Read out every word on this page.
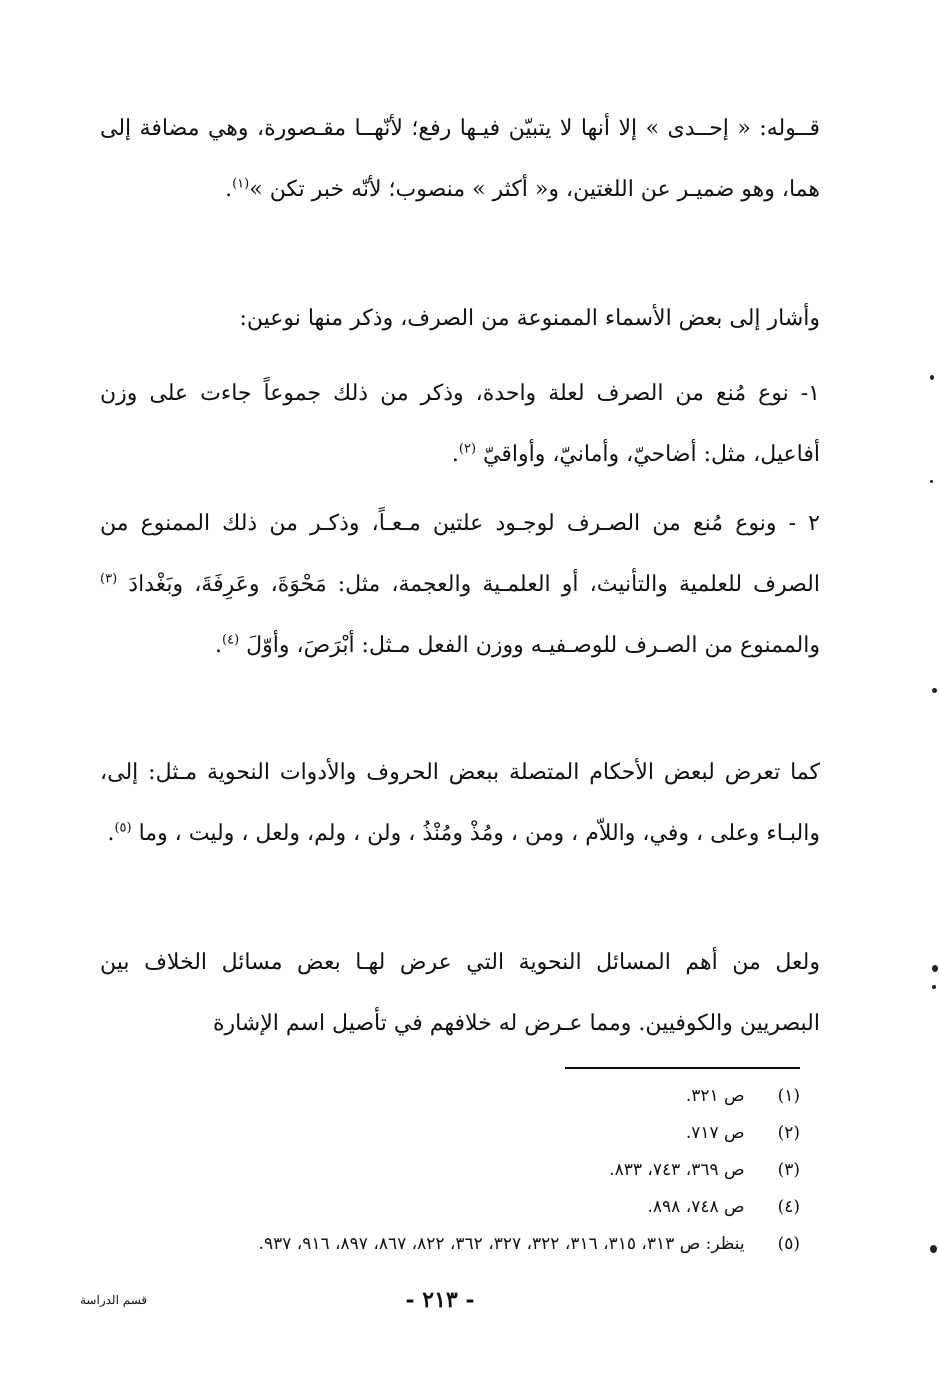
قــوله: « إحــدى » إلا أنها لا يتبيّن فيـها رفع؛ لأنّهــا مقـصورة، وهي مضافة إلى هما، وهو ضميـر عن اللغتين، و« أكثر » منصوب؛ لأنّه خبر تكن »$^{(١)}$.

وأشار إلى بعض الأسماء الممنوعة من الصرف، وذكر منها نوعين:

١- نوع مُنع من الصرف لعلة واحدة، وذكر من ذلك جموعاً جاءت على وزن أفاعيل، مثل: أضاحيّ، وأمانيّ، وأواقيّ $^{(٢)}$.

٢ - ونوع مُنع من الصـرف لوجـود علتين مـعـاً، وذكـر من ذلك الممنوع من الصرف للعلمية والتأنيث، أو العلمـية والعجمة، مثل: مَحْوَةَ، وعَرِفَةَ، وبَغْدادَ $^{(٣)}$ والممنوع من الصـرف للوصـفيـه ووزن الفعل مـثل: أبْرَصَ، وأوّلَ $^{(٤)}$.

كما تعرض لبعض الأحكام المتصلة ببعض الحروف والأدوات النحوية مـثل: إلى، والبـاء وعلى ، وفي، واللاّم ، ومن ، ومُذْ ومُنْذُ ، ولن ، ولم، ولعل ، وليت ، وما $^{(٥)}$.

ولعل من أهم المسائل النحوية التي عرض لهـا بعض مسائل الخلاف بين البصريين والكوفيين. ومما عـرض له خلافهم في تأصيل اسم الإشارة

(١) ص ٣٢١.
(٢) ص ٧١٧.
(٣) ص ٣٦٩، ٧٤٣، ٨٣٣.
(٤) ص ٧٤٨، ٨٩٨.
(٥) ينظر: ص ٣١٣، ٣١٥، ٣١٦، ٣٢٢، ٣٢٧، ٣٦٢، ٨٢٢، ٨٦٧، ٨٩٧، ٩١٦، ٩٣٧.
قسم الدراسة	- ٢١٣ -
